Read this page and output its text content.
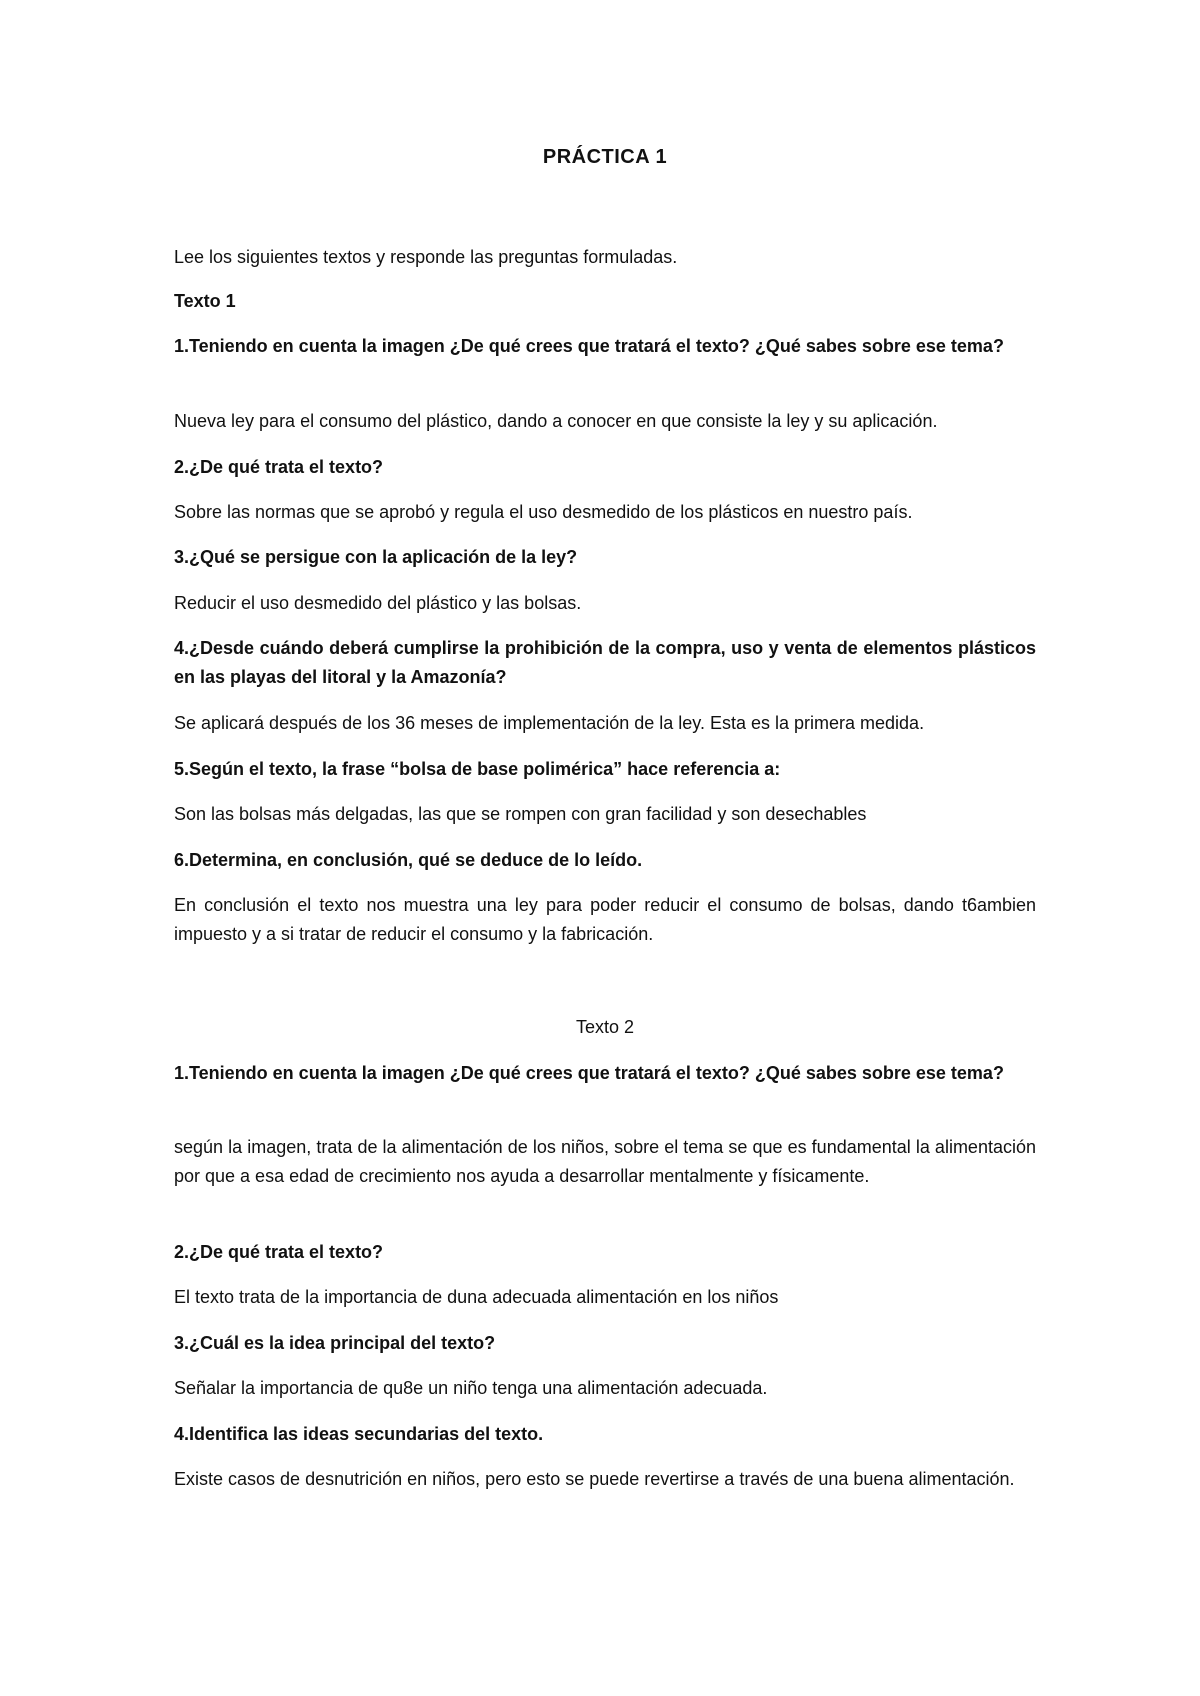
PRÁCTICA 1
Lee los siguientes textos y responde las preguntas formuladas.
Texto 1
1.Teniendo en cuenta la imagen ¿De qué crees que tratará el texto? ¿Qué sabes sobre ese tema?
Nueva ley para el consumo del plástico, dando a conocer en que consiste la ley y su aplicación.
2.¿De qué trata el texto?
Sobre las normas que se aprobó y regula el uso desmedido de los plásticos en nuestro país.
3.¿Qué se persigue con la aplicación de la ley?
Reducir el uso desmedido del plástico y las bolsas.
4.¿Desde cuándo deberá cumplirse la prohibición de la compra, uso y venta de elementos plásticos en las playas del litoral y la Amazonía?
Se aplicará después de los 36 meses de implementación de la ley. Esta es la primera medida.
5.Según el texto, la frase “bolsa de base polimérica” hace referencia a:
Son las bolsas más delgadas, las que se rompen con gran facilidad y son desechables
6.Determina, en conclusión, qué se deduce de lo leído.
En conclusión el texto nos muestra una ley para poder reducir el consumo de bolsas, dando t6ambien impuesto y a si tratar de reducir el consumo y la fabricación.
Texto 2
1.Teniendo en cuenta la imagen ¿De qué crees que tratará el texto? ¿Qué sabes sobre ese tema?
según la imagen, trata de la alimentación de los niños, sobre el tema se que es fundamental la alimentación por que a esa edad de crecimiento nos ayuda a desarrollar mentalmente y físicamente.
2.¿De qué trata el texto?
El texto trata de la importancia de duna adecuada alimentación en los niños
3.¿Cuál es la idea principal del texto?
Señalar la importancia de qu8e un niño tenga una alimentación adecuada.
4.Identifica las ideas secundarias del texto.
Existe casos de desnutrición en niños, pero esto se puede revertirse a través de una buena alimentación.
